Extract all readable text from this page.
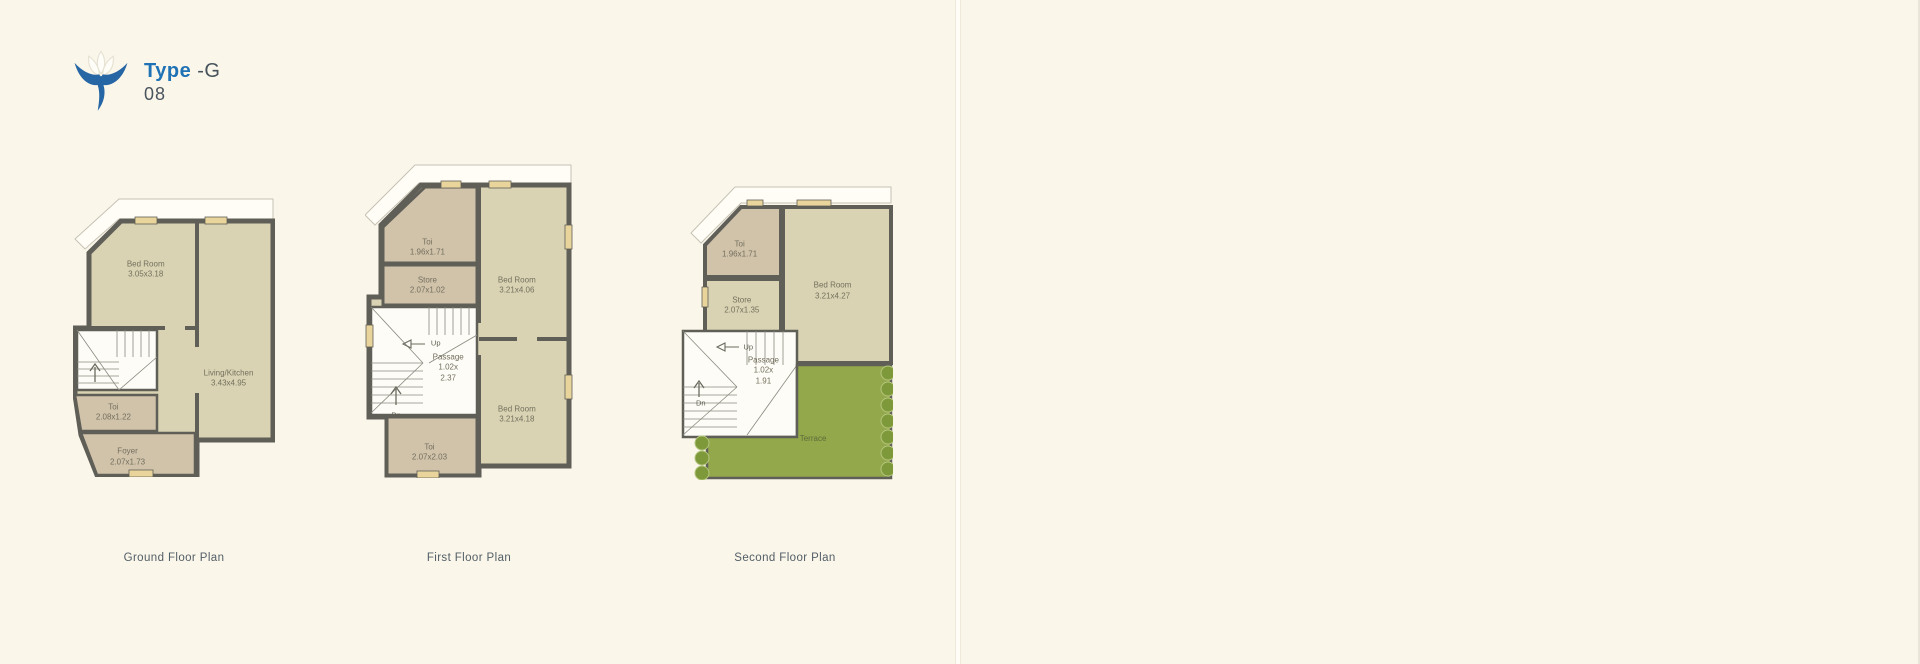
Type -G
08
Bed Room
3.05x3.18
Living/Kitchen
3.43x4.95
Toi
2.08x1.22
Foyer
2.07x1.73
Toi
1.96x1.71
Store
2.07x1.02
Bed Room
3.21x4.06
Up
Passage
1.02x
2.37
Dn
Bed Room
3.21x4.18
Toi
2.07x2.03
Toi
1.96x1.71
Store
2.07x1.35
Bed Room
3.21x4.27
Up
Passage
1.02x
1.91
Dn
Terrace
Ground Floor Plan	First Floor Plan	Second Floor Plan
